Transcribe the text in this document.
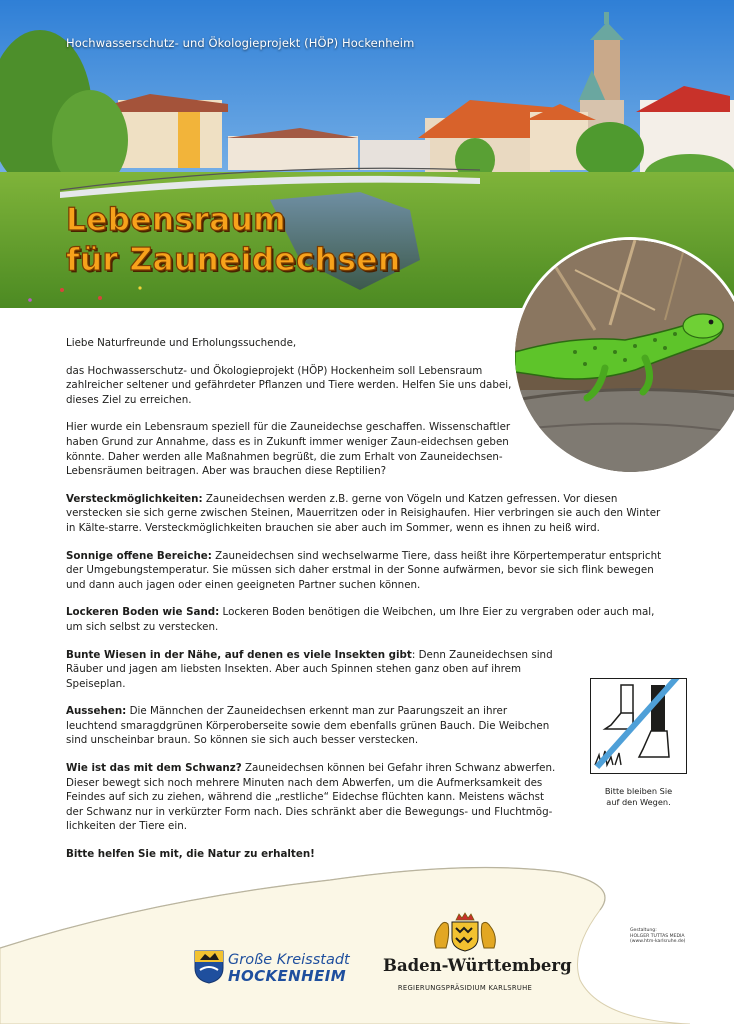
Hochwasserschutz- und Ökologieprojekt (HÖP) Hockenheim
Lebensraum
für Zauneidechsen

Liebe Naturfreunde und Erholungssuchende,

das Hochwasserschutz- und Ökologieprojekt (HÖP) Hockenheim soll Lebensraum zahlreicher seltener und gefährdeter Pflanzen und Tiere werden. Helfen Sie uns dabei, dieses Ziel zu erreichen.

Hier wurde ein Lebensraum speziell für die Zauneidechse geschaffen. Wissenschaftler haben Grund zur Annahme, dass es in Zukunft immer weniger Zaun-eidechsen geben könnte. Daher werden alle Maßnahmen begrüßt, die zum Erhalt von Zauneidechsen-Lebensräumen beitragen. Aber was brauchen diese Reptilien?

Versteckmöglichkeiten: Zauneidechsen werden z.B. gerne von Vögeln und Katzen gefressen. Vor diesen verstecken sie sich gerne zwischen Steinen, Mauerritzen oder in Reisighaufen. Hier verbringen sie auch den Winter in Kälte-starre. Versteckmöglichkeiten brauchen sie aber auch im Sommer, wenn es ihnen zu heiß wird.

Sonnige offene Bereiche: Zauneidechsen sind wechselwarme Tiere, dass heißt ihre Körpertemperatur entspricht der Umgebungstemperatur. Sie müssen sich daher erstmal in der Sonne aufwärmen, bevor sie sich flink bewegen und dann auch jagen oder einen geeigneten Partner suchen können.

Lockeren Boden wie Sand: Lockeren Boden benötigen die Weibchen, um Ihre Eier zu vergraben oder auch mal, um sich selbst zu verstecken.

Bunte Wiesen in der Nähe, auf denen es viele Insekten gibt: Denn Zauneidechsen sind Räuber und jagen am liebsten Insekten. Aber auch Spinnen stehen ganz oben auf ihrem Speiseplan.

Aussehen: Die Männchen der Zauneidechsen erkennt man zur Paarungszeit an ihrer leuchtend smaragdgrünen Körperoberseite sowie dem ebenfalls grünen Bauch. Die Weibchen sind unscheinbar braun. So können sie sich auch besser verstecken.

Wie ist das mit dem Schwanz? Zauneidechsen können bei Gefahr ihren Schwanz abwerfen. Dieser bewegt sich noch mehrere Minuten nach dem Abwerfen, um die Aufmerksamkeit des Feindes auf sich zu ziehen, während die „restliche“ Eidechse flüchten kann. Meistens wächst der Schwanz nur in verkürzter Form nach. Dies schränkt aber die Bewegungs- und Fluchtmög-lichkeiten der Tiere ein.

Bitte helfen Sie mit, die Natur zu erhalten!

Bitte bleiben Sie
auf den Wegen.
Gestaltung:
HOLGER TUTTAS MEDIA
(www.htm-karlsruhe.de)
Große Kreisstadt
HOCKENHEIM
Baden-Württemberg
REGIERUNGSPRÄSIDIUM KARLSRUHE
